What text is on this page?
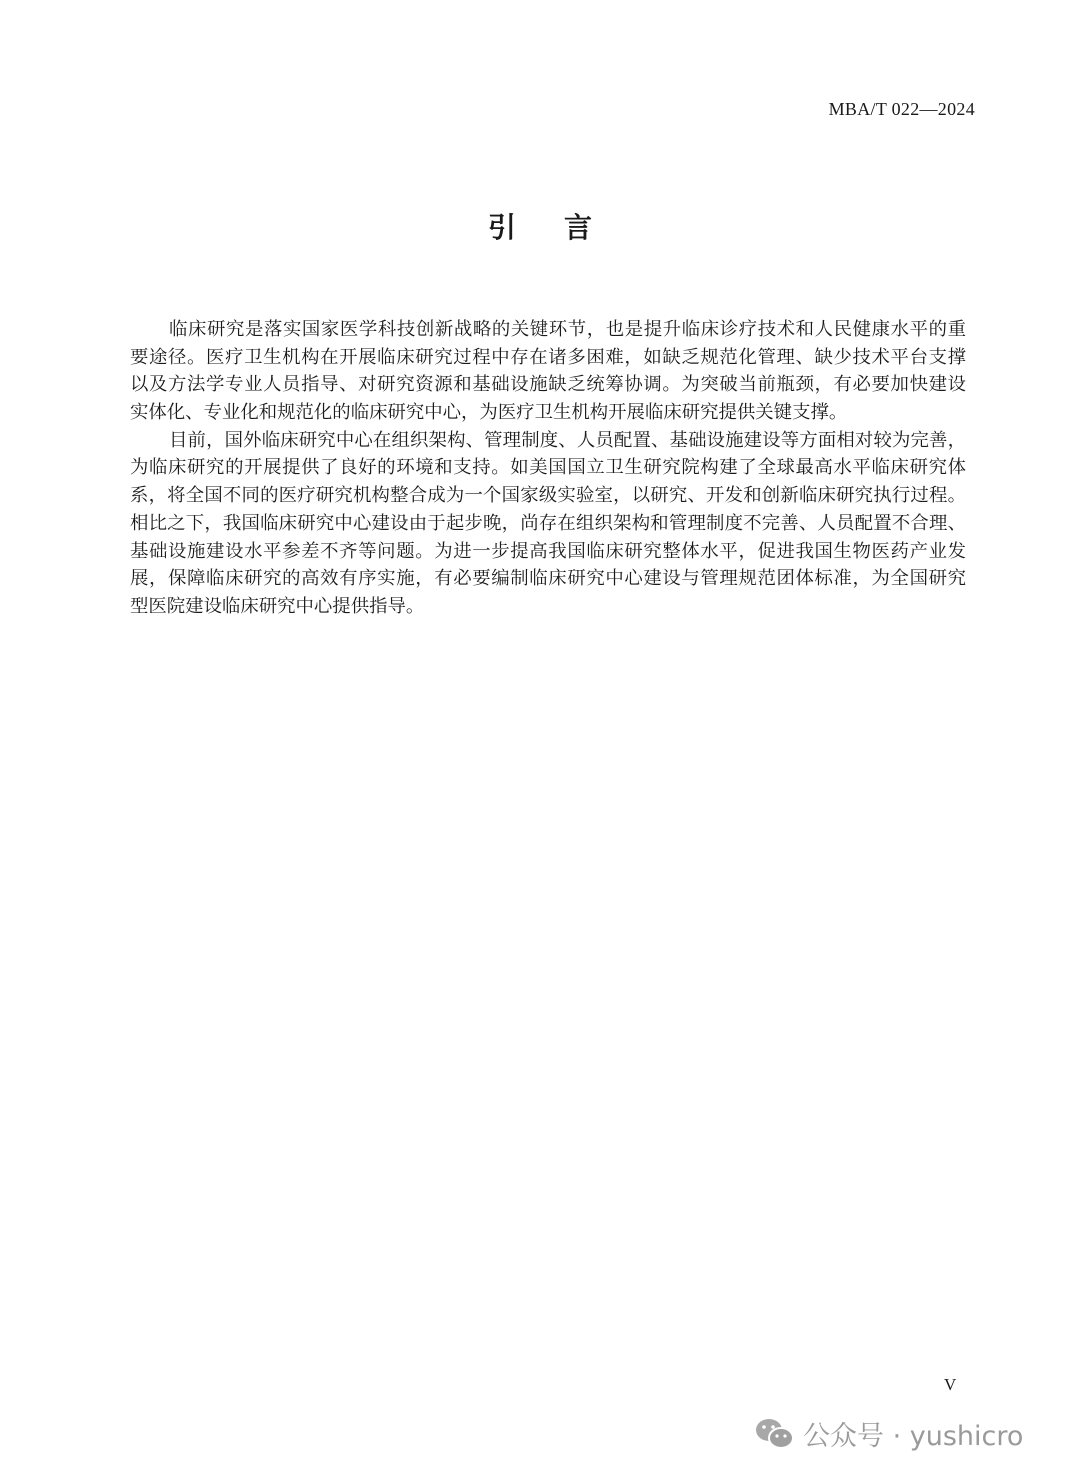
MBA/T 022—2024
引 言
临床研究是落实国家医学科技创新战略的关键环节，也是提升临床诊疗技术和人民健康水平的重
要途径。医疗卫生机构在开展临床研究过程中存在诸多困难，如缺乏规范化管理、缺少技术平台支撑
以及方法学专业人员指导、对研究资源和基础设施缺乏统筹协调。为突破当前瓶颈，有必要加快建设
实体化、专业化和规范化的临床研究中心，为医疗卫生机构开展临床研究提供关键支撑。
目前，国外临床研究中心在组织架构、管理制度、人员配置、基础设施建设等方面相对较为完善，
为临床研究的开展提供了良好的环境和支持。如美国国立卫生研究院构建了全球最高水平临床研究体
系，将全国不同的医疗研究机构整合成为一个国家级实验室，以研究、开发和创新临床研究执行过程。
相比之下，我国临床研究中心建设由于起步晚，尚存在组织架构和管理制度不完善、人员配置不合理、
基础设施建设水平参差不齐等问题。为进一步提高我国临床研究整体水平，促进我国生物医药产业发
展，保障临床研究的高效有序实施，有必要编制临床研究中心建设与管理规范团体标准，为全国研究
型医院建设临床研究中心提供指导。
V
公众号 · yushicro
